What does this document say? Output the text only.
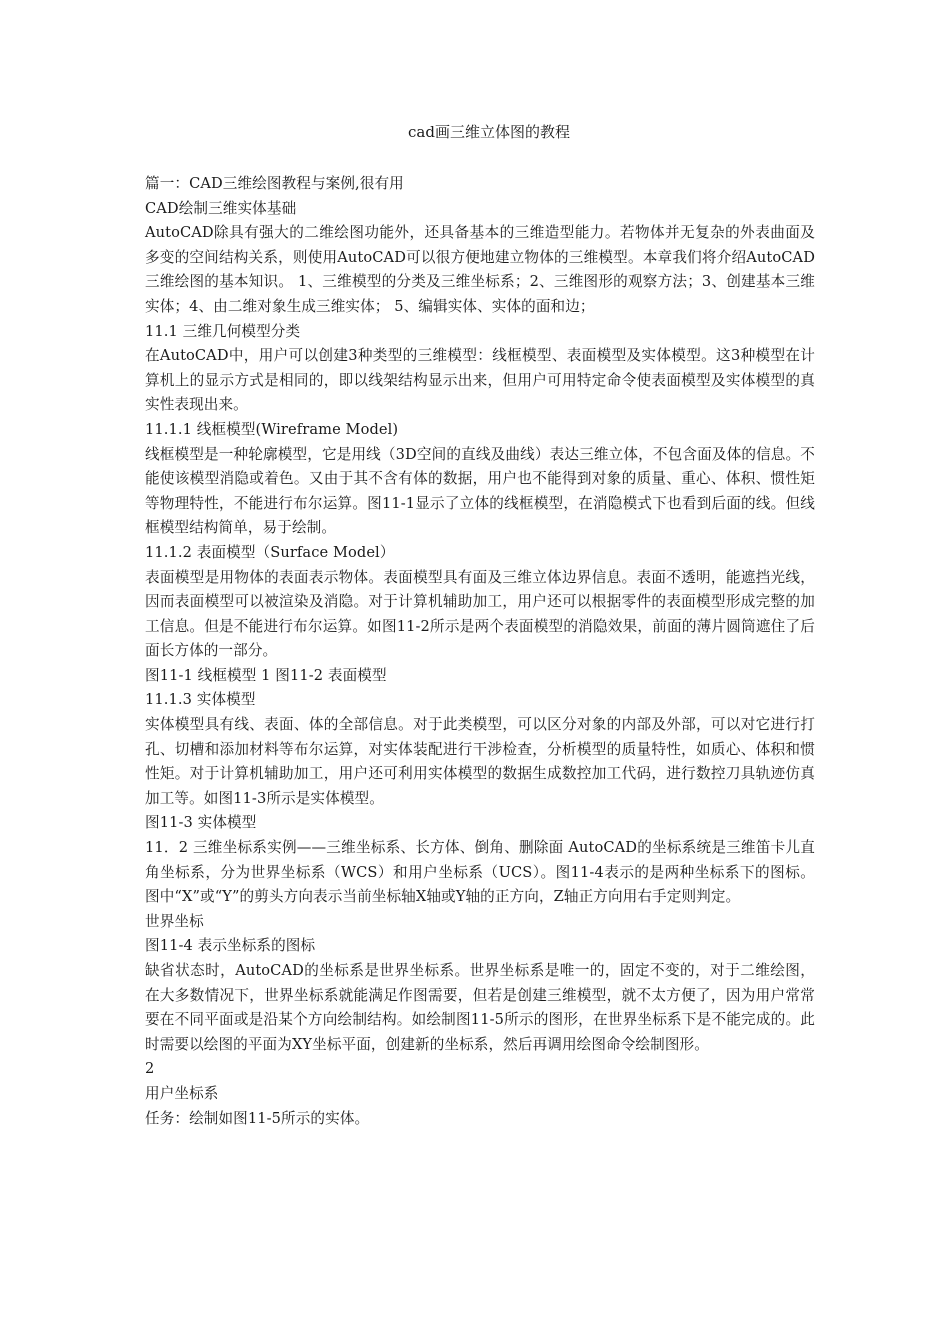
cad画三维立体图的教程

篇一：CAD三维绘图教程与案例,很有用

CAD绘制三维实体基础

AutoCAD除具有强大的二维绘图功能外，还具备基本的三维造型能力。若物体并无复杂的外表曲面及多变的空间结构关系，则使用AutoCAD可以很方便地建立物体的三维模型。本章我们将介绍AutoCAD三维绘图的基本知识。 1、三维模型的分类及三维坐标系；2、三维图形的观察方法；3、创建基本三维实体；4、由二维对象生成三维实体； 5、编辑实体、实体的面和边；

11.1 三维几何模型分类

在AutoCAD中，用户可以创建3种类型的三维模型：线框模型、表面模型及实体模型。这3种模型在计算机上的显示方式是相同的，即以线架结构显示出来，但用户可用特定命令使表面模型及实体模型的真实性表现出来。

11.1.1 线框模型(Wireframe Model)

线框模型是一种轮廓模型，它是用线（3D空间的直线及曲线）表达三维立体，不包含面及体的信息。不能使该模型消隐或着色。又由于其不含有体的数据，用户也不能得到对象的质量、重心、体积、惯性矩等物理特性，不能进行布尔运算。图11-1显示了立体的线框模型，在消隐模式下也看到后面的线。但线框模型结构简单，易于绘制。

11.1.2 表面模型（Surface Model）

表面模型是用物体的表面表示物体。表面模型具有面及三维立体边界信息。表面不透明，能遮挡光线，因而表面模型可以被渲染及消隐。对于计算机辅助加工，用户还可以根据零件的表面模型形成完整的加工信息。但是不能进行布尔运算。如图11-2所示是两个表面模型的消隐效果，前面的薄片圆筒遮住了后面长方体的一部分。

图11-1 线框模型 1 图11-2 表面模型

11.1.3 实体模型

实体模型具有线、表面、体的全部信息。对于此类模型，可以区分对象的内部及外部，可以对它进行打孔、切槽和添加材料等布尔运算，对实体装配进行干涉检查，分析模型的质量特性，如质心、体积和惯性矩。对于计算机辅助加工，用户还可利用实体模型的数据生成数控加工代码，进行数控刀具轨迹仿真加工等。如图11-3所示是实体模型。

图11-3 实体模型

11．2 三维坐标系实例——三维坐标系、长方体、倒角、删除面 AutoCAD的坐标系统是三维笛卡儿直角坐标系，分为世界坐标系（WCS）和用户坐标系（UCS）。图11-4表示的是两种坐标系下的图标。 图中“X”或“Y”的剪头方向表示当前坐标轴X轴或Y轴的正方向，Z轴正方向用右手定则判定。

世界坐标

图11-4 表示坐标系的图标

缺省状态时，AutoCAD的坐标系是世界坐标系。世界坐标系是唯一的，固定不变的，对于二维绘图，在大多数情况下，世界坐标系就能满足作图需要，但若是创建三维模型，就不太方便了，因为用户常常要在不同平面或是沿某个方向绘制结构。如绘制图11-5所示的图形，在世界坐标系下是不能完成的。此时需要以绘图的平面为XY坐标平面，创建新的坐标系，然后再调用绘图命令绘制图形。

2

用户坐标系

任务：绘制如图11-5所示的实体。
